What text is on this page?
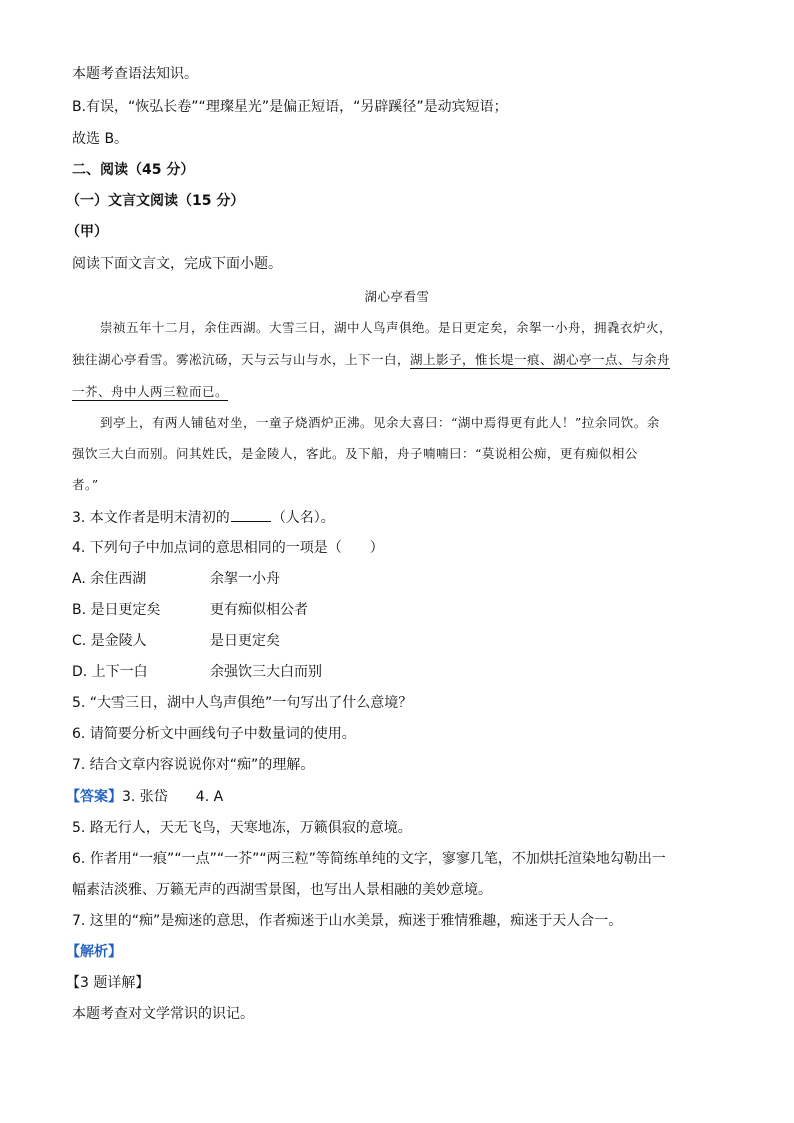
本题考查语法知识。
B.有误，“恢弘长卷”“理璨星光”是偏正短语，“另辟蹊径”是动宾短语；
故选 B。
二、阅读（45 分）
（一）文言文阅读（15 分）
（甲）
阅读下面文言文，完成下面小题。
湖心亭看雪
崇祯五年十二月，余住西湖。大雪三日，湖中人鸟声俱绝。是日更定矣，余挐一小舟，拥毳衣炉火，
独往湖心亭看雪。雾凇沆砀，天与云与山与水，上下一白，湖上影子，惟长堤一痕、湖心亭一点、与余舟
一芥、舟中人两三粒而已。
到亭上，有两人铺毡对坐，一童子烧酒炉正沸。见余大喜曰：“湖中焉得更有此人！”拉余同饮。余
强饮三大白而别。问其姓氏，是金陵人，客此。及下船，舟子喃喃曰：“莫说相公痴，更有痴似相公
者。”
3. 本文作者是明末清初的	（人名）。
4. 下列句子中加点词的意思相同的一项是（　　）
A. 余住西湖	余挐一小舟
B. 是日更定矣	更有痴似相公者
C. 是金陵人	是日更定矣
D. 上下一白	余强饮三大白而别
5. “大雪三日，湖中人鸟声俱绝”一句写出了什么意境？
6. 请简要分析文中画线句子中数量词的使用。
7. 结合文章内容说说你对“痴”的理解。
【答案】3. 张岱　　4. A
5. 路无行人，天无飞鸟，天寒地冻，万籁俱寂的意境。
6. 作者用“一痕”“一点”“一芥”“两三粒”等简练单纯的文字，寥寥几笔，不加烘托渲染地勾勒出一
幅素洁淡雅、万籁无声的西湖雪景图，也写出人景相融的美妙意境。
7. 这里的“痴”是痴迷的意思，作者痴迷于山水美景，痴迷于雅情雅趣，痴迷于天人合一。
【解析】
【3 题详解】
本题考查对文学常识的识记。
